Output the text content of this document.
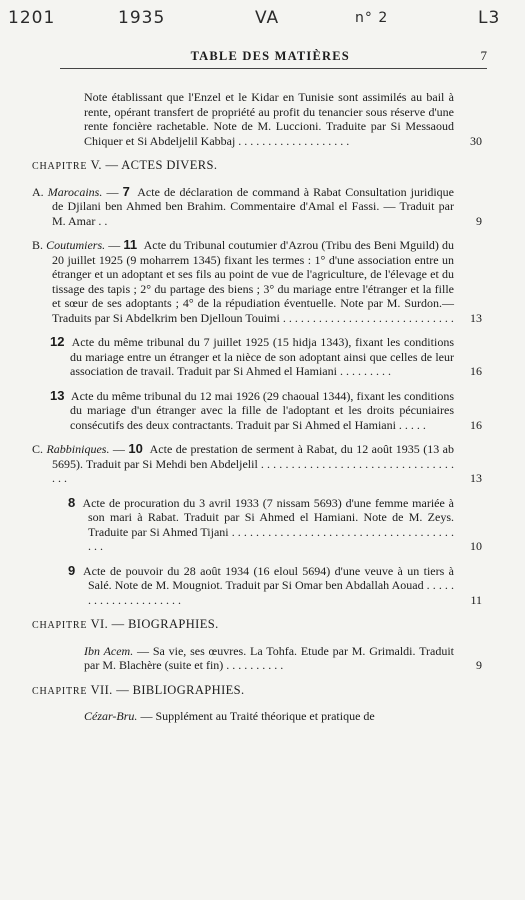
1201	1935	VA	n° 2	L3
TABLE DES MATIÈRES	7
Note établissant que l'Enzel et le Kidar en Tunisie sont assimilés au bail à rente, opérant transfert de propriété au profit du tenancier sous réserve d'une rente foncière rachetable. Note de M. Luccioni. Traduite par Si Messaoud Chiquer et Si Abdeljelil Kabbaj . . . . . . . . . . . . . . . . . . .	30
CHAPITRE V. — ACTES DIVERS.
A. Marocains. — 7 Acte de déclaration de command à Rabat Consultation juridique de Djilani ben Ahmed ben Brahim. Commentaire d'Amal el Fassi. — Traduit par M. Amar . .	9
B. Coutumiers. — 11 Acte du Tribunal coutumier d'Azrou (Tribu des Beni Mguild) du 20 juillet 1925 (9 moharrem 1345) fixant les termes : 1° d'une association entre un étranger et un adoptant et ses fils au point de vue de l'agriculture, de l'élevage et du tissage des tapis ; 2° du partage des biens ; 3° du mariage entre l'étranger et la fille et sœur de ses adoptants ; 4° de la répudiation éventuelle. Note par M. Surdon.— Traduits par Si Abdelkrim ben Djelloun Touimi . . . . . . . . . . . . . . . . . . . . . . . . . . . . . 13
12 Acte du même tribunal du 7 juillet 1925 (15 hidja 1343), fixant les conditions du mariage entre un étranger et la nièce de son adoptant ainsi que celles de leur association de travail. Traduit par Si Ahmed el Hamiani . . . . . . . . .	16
13 Acte du même tribunal du 12 mai 1926 (29 chaoual 1344), fixant les conditions du mariage d'un étranger avec la fille de l'adoptant et les droits pécuniaires consécutifs des deux contractants. Traduit par Si Ahmed el Hamiani . . . . .	16
C. Rabbiniques. — 10 Acte de prestation de serment à Rabat, du 12 août 1935 (13 ab 5695). Traduit par Si Mehdi ben Abdeljelil . . . . . . . . . . . . . . . . . . . . . . . . . . . . . . . . . . .	13
8 Acte de procuration du 3 avril 1933 (7 nissam 5693) d'une femme mariée à son mari à Rabat. Traduit par Si Ahmed el Hamiani. Note de M. Zeys. Traduite par Si Ahmed Tijani . . . . . . . . . . . . . . . . . . . . . . . . . . . . . . . . . . . . . . . .	10
9 Acte de pouvoir du 28 août 1934 (16 eloul 5694) d'une veuve à un tiers à Salé. Note de M. Mougniot. Traduit par Si Omar ben Abdallah Aouad . . . . . . . . . . . . . . . . . . . . .	11
CHAPITRE VI. — BIOGRAPHIES.
Ibn Acem. — Sa vie, ses œuvres. La Tohfa. Etude par M. Grimaldi. Traduit par M. Blachère (suite et fin) . . . . . . . . . .	9
CHAPITRE VII. — BIBLIOGRAPHIES.
Cézar-Bru. — Supplément au Traité théorique et pratique de
